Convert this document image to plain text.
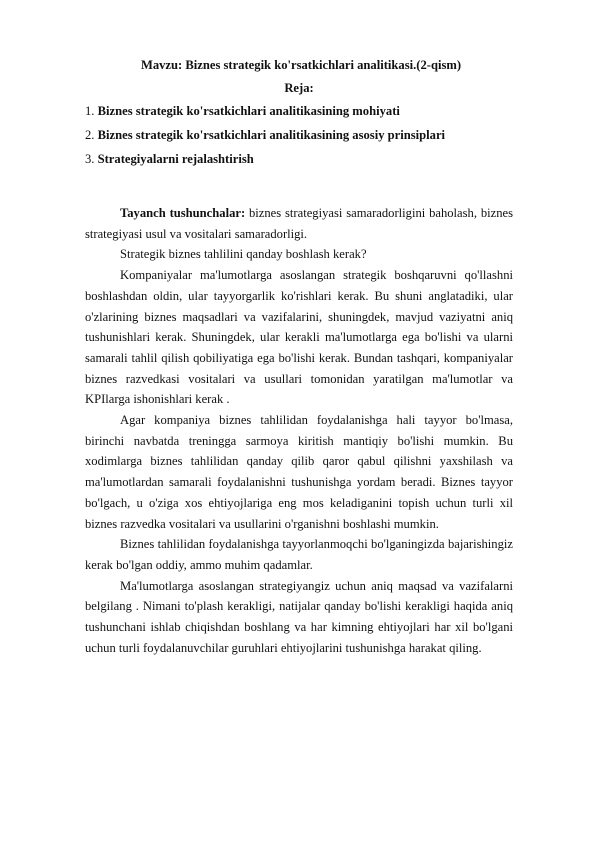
Mavzu: Biznes strategik ko'rsatkichlari analitikasi.(2-qism)
Reja:
1. Biznes strategik ko'rsatkichlari analitikasining mohiyati
2. Biznes strategik ko'rsatkichlari analitikasining asosiy prinsiplari
3. Strategiyalarni rejalashtirish

Tayanch tushunchalar: biznes strategiyasi samaradorligini baholash, biznes strategiyasi usul va vositalari samaradorligi.

Strategik biznes tahlilini qanday boshlash kerak?

Kompaniyalar ma'lumotlarga asoslangan strategik boshqaruvni qo'llashni boshlashdan oldin, ular tayyorgarlik ko'rishlari kerak. Bu shuni anglatadiki, ular o'zlarining biznes maqsadlari va vazifalarini, shuningdek, mavjud vaziyatni aniq tushunishlari kerak. Shuningdek, ular kerakli ma'lumotlarga ega bo'lishi va ularni samarali tahlil qilish qobiliyatiga ega bo'lishi kerak. Bundan tashqari, kompaniyalar biznes razvedkasi vositalari va usullari tomonidan yaratilgan ma'lumotlar va KPIlarga ishonishlari kerak .

Agar kompaniya biznes tahlilidan foydalanishga hali tayyor bo'lmasa, birinchi navbatda treningga sarmoya kiritish mantiqiy bo'lishi mumkin. Bu xodimlarga biznes tahlilidan qanday qilib qaror qabul qilishni yaxshilash va ma'lumotlardan samarali foydalanishni tushunishga yordam beradi. Biznes tayyor bo'lgach, u o'ziga xos ehtiyojlariga eng mos keladiganini topish uchun turli xil biznes razvedka vositalari va usullarini o'rganishni boshlashi mumkin.

Biznes tahlilidan foydalanishga tayyorlanmoqchi bo'lganingizda bajarishingiz kerak bo'lgan oddiy, ammo muhim qadamlar.

Ma'lumotlarga asoslangan strategiyangiz uchun aniq maqsad va vazifalarni belgilang . Nimani to'plash kerakligi, natijalar qanday bo'lishi kerakligi haqida aniq tushunchani ishlab chiqishdan boshlang va har kimning ehtiyojlari har xil bo'lgani uchun turli foydalanuvchilar guruhlari ehtiyojlarini tushunishga harakat qiling.
